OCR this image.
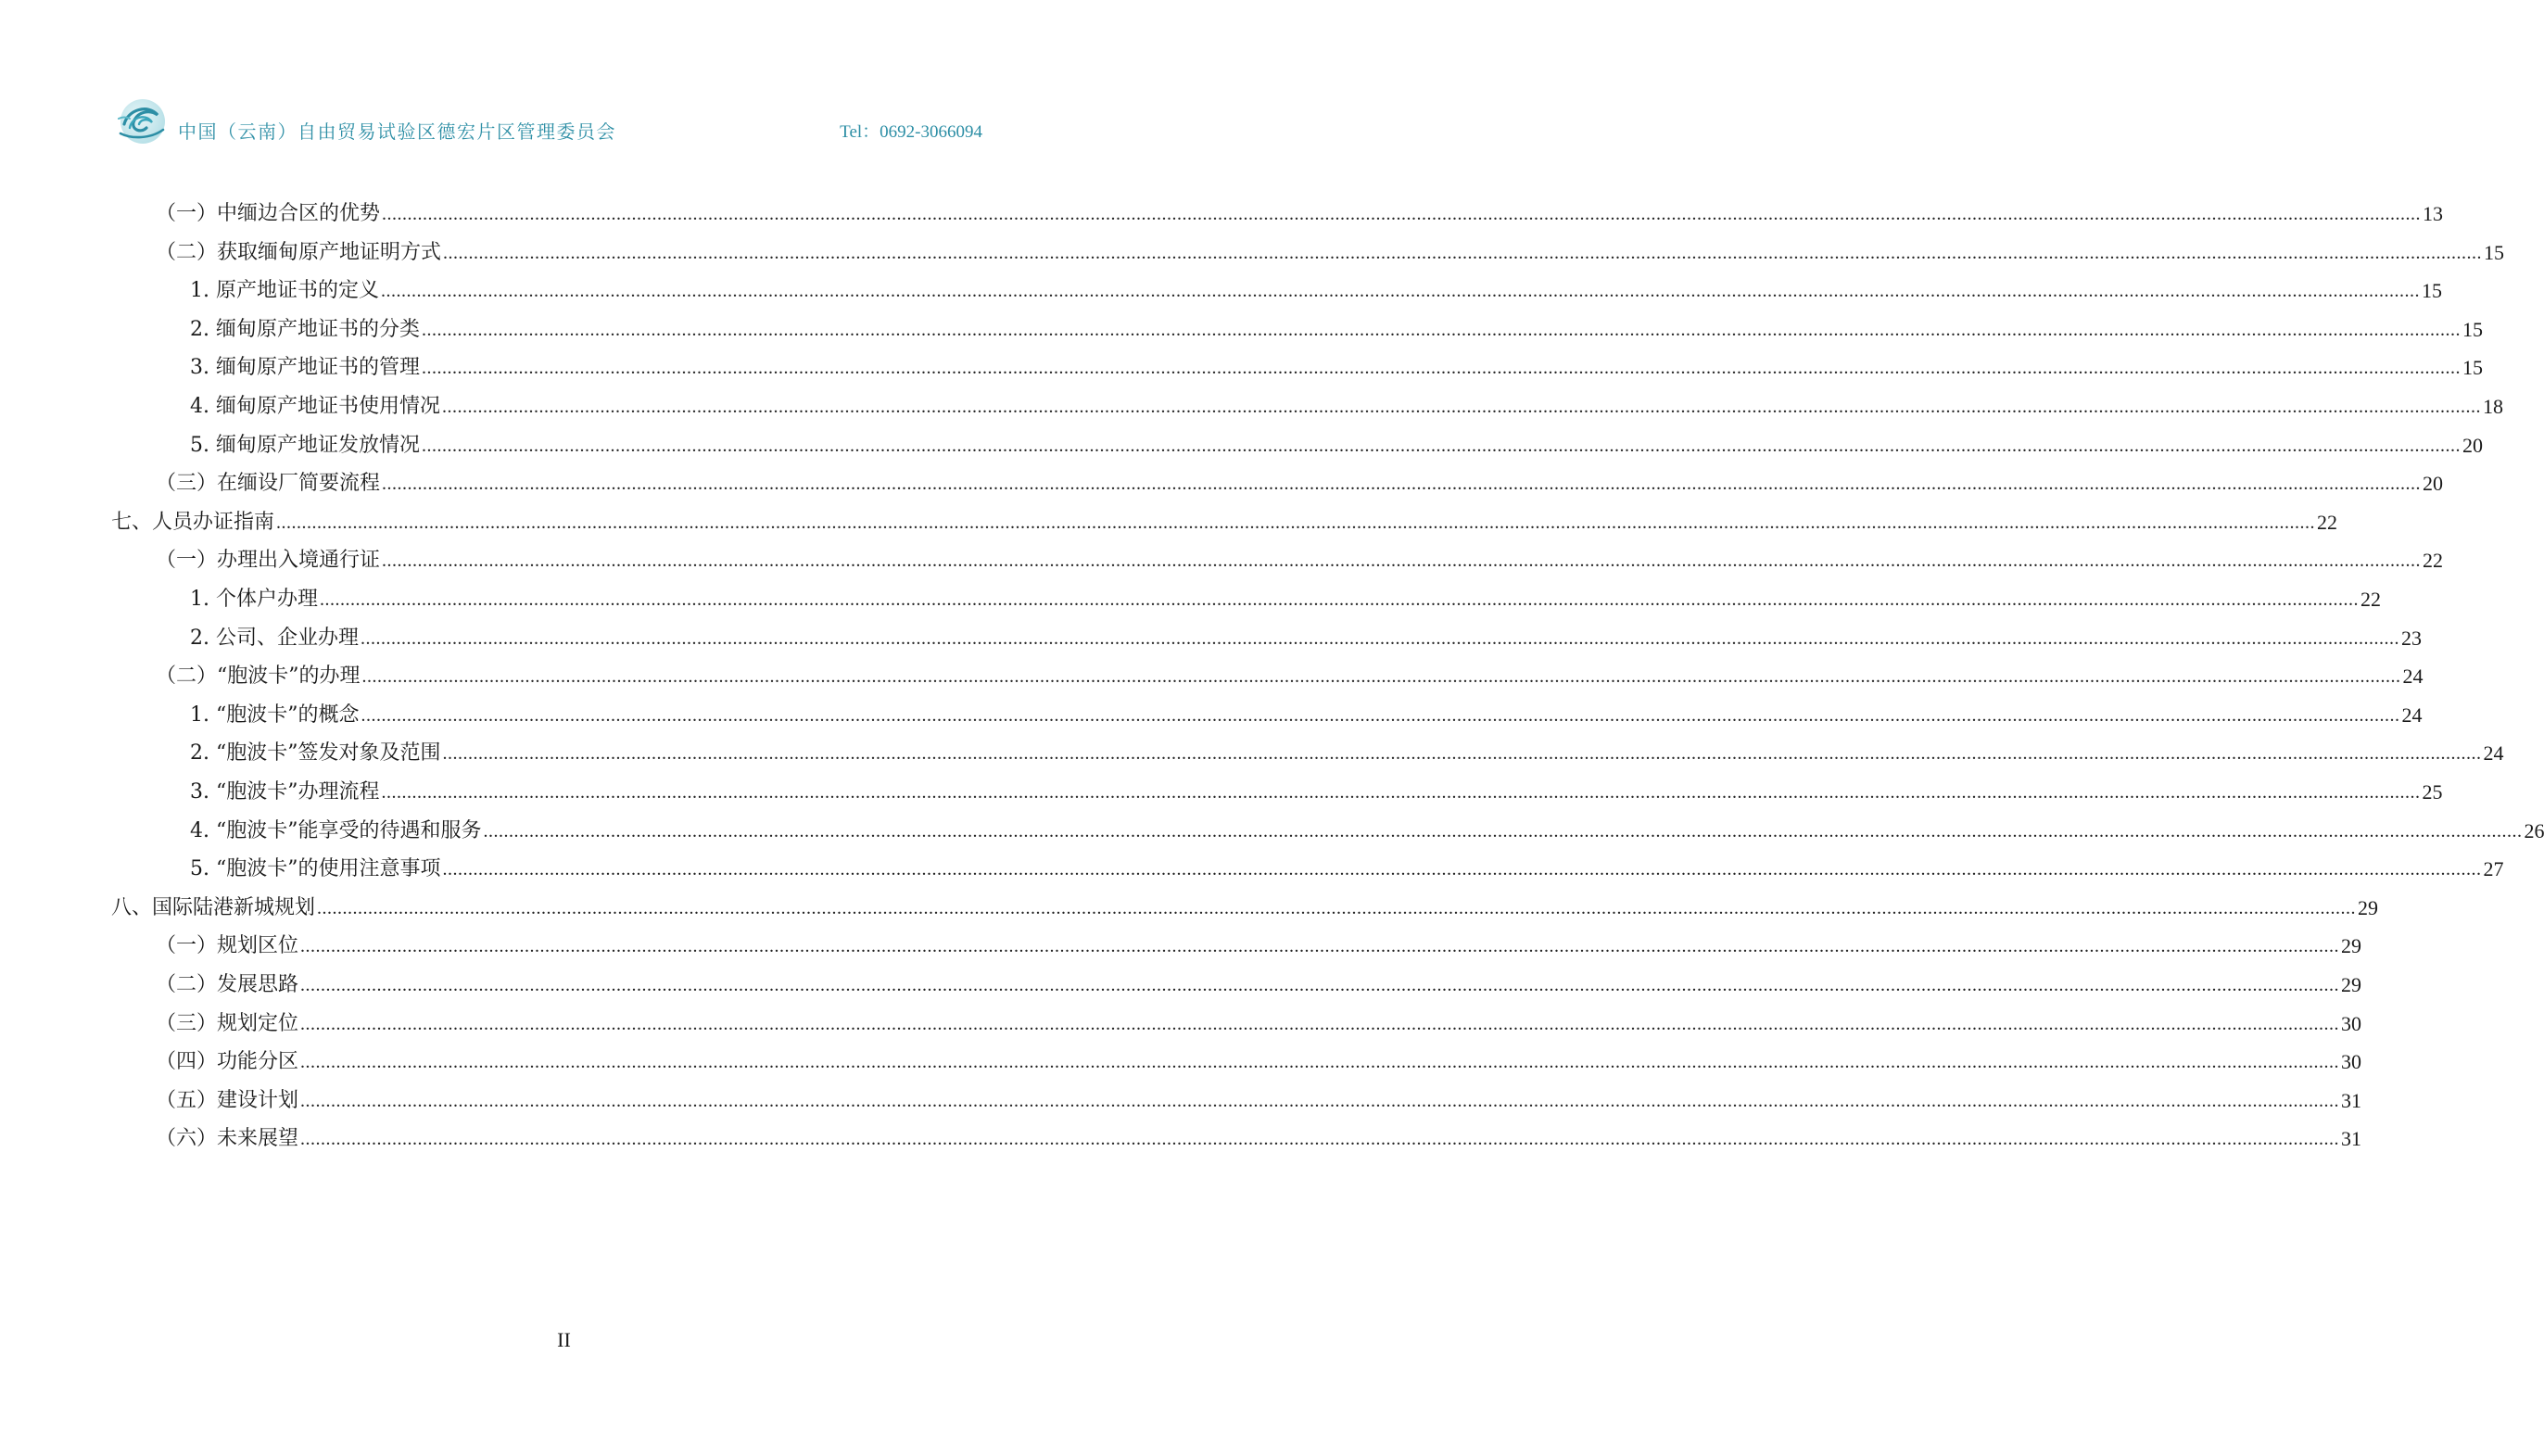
中国（云南）自由贸易试验区德宏片区管理委员会	Tel：0692-3066094
（一）中缅边合区的优势 ................................................................................................................................................................................................................................................................................................................................................................................................................ 13
（二）获取缅甸原产地证明方式 ................................................................................................................................................................................................................................................................................................................................................................................................................ 15
1. 原产地证书的定义 ................................................................................................................................................................................................................................................................................................................................................................................................................ 15
2. 缅甸原产地证书的分类 ................................................................................................................................................................................................................................................................................................................................................................................................................ 15
3. 缅甸原产地证书的管理 ................................................................................................................................................................................................................................................................................................................................................................................................................ 15
4. 缅甸原产地证书使用情况 ................................................................................................................................................................................................................................................................................................................................................................................................................ 18
5. 缅甸原产地证发放情况 ................................................................................................................................................................................................................................................................................................................................................................................................................ 20
（三）在缅设厂简要流程 ................................................................................................................................................................................................................................................................................................................................................................................................................ 20
七、人员办证指南 ................................................................................................................................................................................................................................................................................................................................................................................................................ 22
（一）办理出入境通行证 ................................................................................................................................................................................................................................................................................................................................................................................................................ 22
1. 个体户办理 ................................................................................................................................................................................................................................................................................................................................................................................................................ 22
2. 公司、企业办理 ................................................................................................................................................................................................................................................................................................................................................................................................................ 23
（二）“胞波卡”的办理 ................................................................................................................................................................................................................................................................................................................................................................................................................ 24
1. “胞波卡”的概念 ................................................................................................................................................................................................................................................................................................................................................................................................................ 24
2. “胞波卡”签发对象及范围 ................................................................................................................................................................................................................................................................................................................................................................................................................ 24
3. “胞波卡”办理流程 ................................................................................................................................................................................................................................................................................................................................................................................................................ 25
4. “胞波卡”能享受的待遇和服务 ................................................................................................................................................................................................................................................................................................................................................................................................................ 26
5. “胞波卡”的使用注意事项 ................................................................................................................................................................................................................................................................................................................................................................................................................ 27
八、国际陆港新城规划 ................................................................................................................................................................................................................................................................................................................................................................................................................ 29
（一）规划区位 ................................................................................................................................................................................................................................................................................................................................................................................................................ 29
（二）发展思路 ................................................................................................................................................................................................................................................................................................................................................................................................................ 29
（三）规划定位 ................................................................................................................................................................................................................................................................................................................................................................................................................ 30
（四）功能分区 ................................................................................................................................................................................................................................................................................................................................................................................................................ 30
（五）建设计划 ................................................................................................................................................................................................................................................................................................................................................................................................................ 31
（六）未来展望 ................................................................................................................................................................................................................................................................................................................................................................................................................ 31
II
